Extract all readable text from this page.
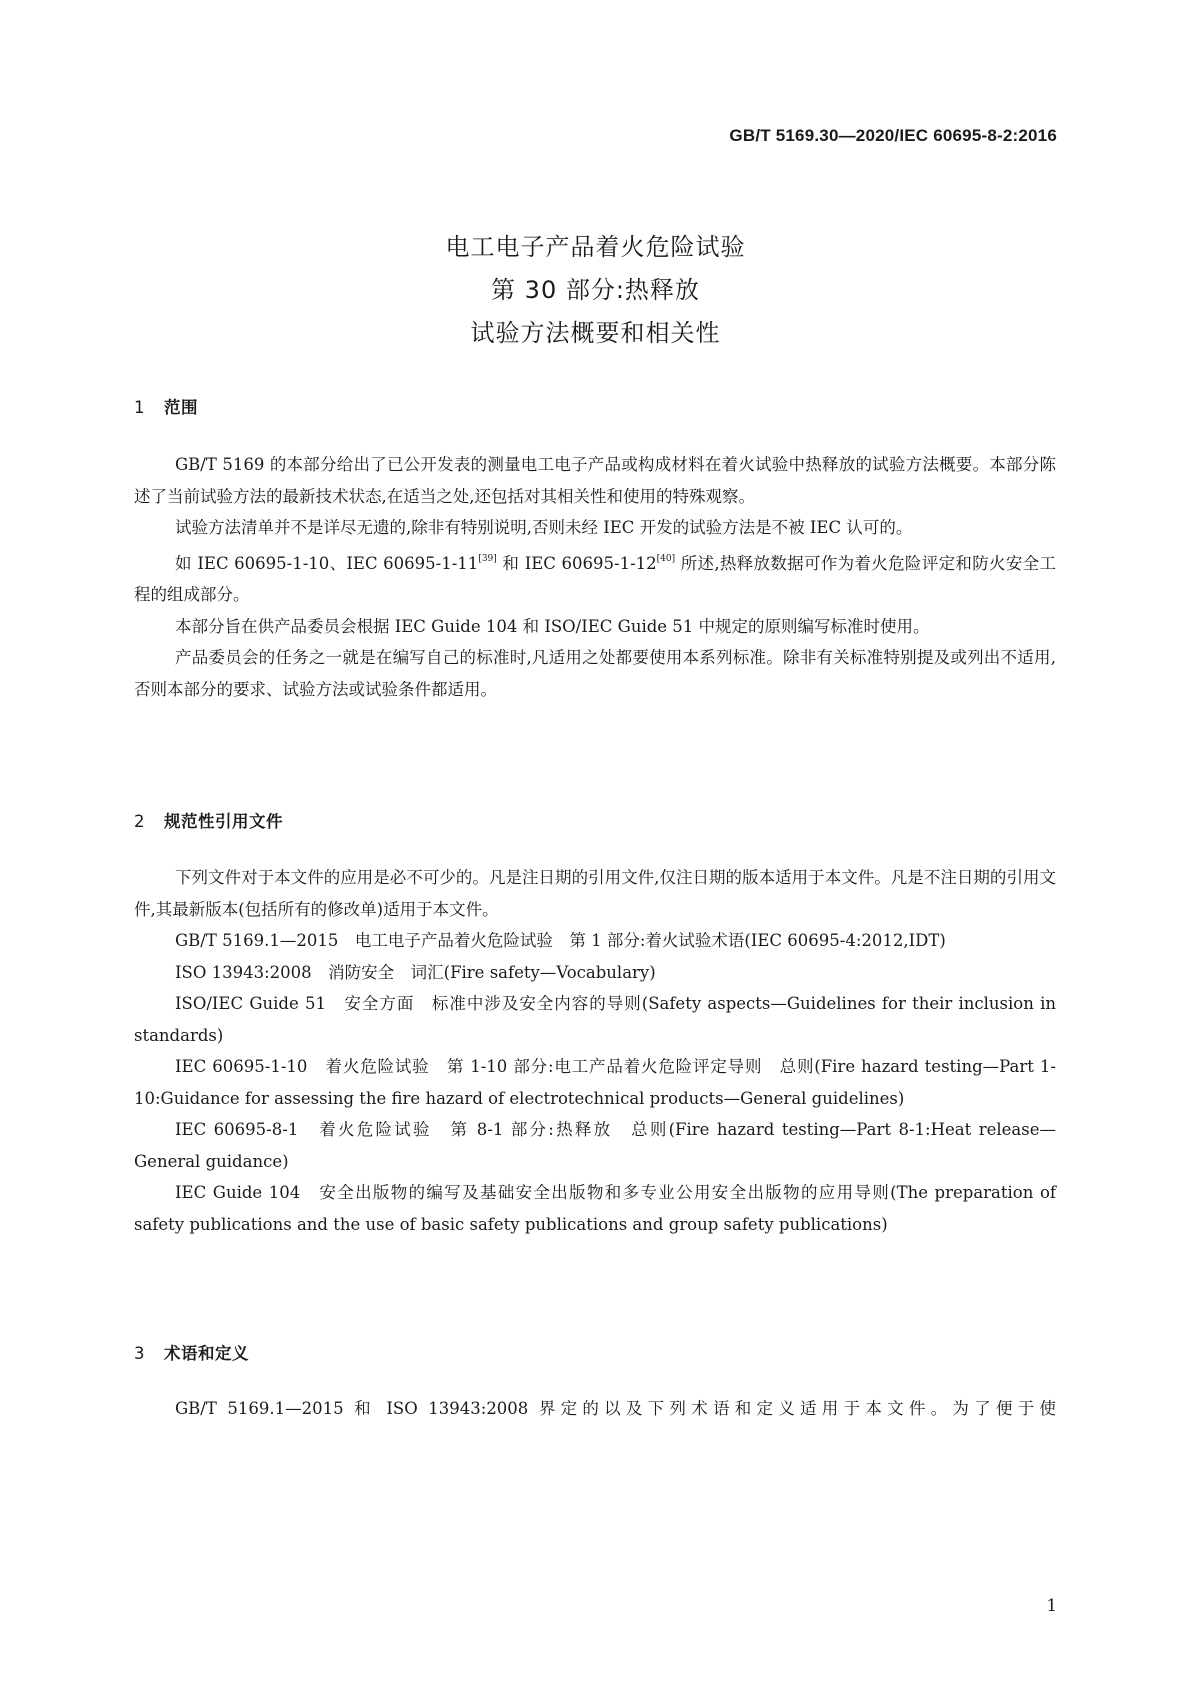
GB/T 5169.30—2020/IEC 60695-8-2:2016
电工电子产品着火危险试验
第 30 部分:热释放
试验方法概要和相关性
1 范围

GB/T 5169 的本部分给出了已公开发表的测量电工电子产品或构成材料在着火试验中热释放的试验方法概要。本部分陈述了当前试验方法的最新技术状态,在适当之处,还包括对其相关性和使用的特殊观察。

试验方法清单并不是详尽无遗的,除非有特别说明,否则未经 IEC 开发的试验方法是不被 IEC 认可的。

如 IEC 60695-1-10、IEC 60695-1-11[39] 和 IEC 60695-1-12[40] 所述,热释放数据可作为着火危险评定和防火安全工程的组成部分。

本部分旨在供产品委员会根据 IEC Guide 104 和 ISO/IEC Guide 51 中规定的原则编写标准时使用。

产品委员会的任务之一就是在编写自己的标准时,凡适用之处都要使用本系列标准。除非有关标准特别提及或列出不适用,否则本部分的要求、试验方法或试验条件都适用。

2 规范性引用文件

下列文件对于本文件的应用是必不可少的。凡是注日期的引用文件,仅注日期的版本适用于本文件。凡是不注日期的引用文件,其最新版本(包括所有的修改单)适用于本文件。

GB/T 5169.1—2015　电工电子产品着火危险试验　第 1 部分:着火试验术语(IEC 60695-4:2012,IDT)

ISO 13943:2008　消防安全　词汇(Fire safety—Vocabulary)

ISO/IEC Guide 51　安全方面　标准中涉及安全内容的导则(Safety aspects—Guidelines for their inclusion in standards)

IEC 60695-1-10　着火危险试验　第 1-10 部分:电工产品着火危险评定导则　总则(Fire hazard testing—Part 1-10:Guidance for assessing the fire hazard of electrotechnical products—General guidelines)

IEC 60695-8-1　着火危险试验　第 8-1 部分:热释放　总则(Fire hazard testing—Part 8-1:Heat release—General guidance)

IEC Guide 104　安全出版物的编写及基础安全出版物和多专业公用安全出版物的应用导则(The preparation of safety publications and the use of basic safety publications and group safety publications)

3 术语和定义

GB/T 5169.1—2015 和 ISO 13943:2008 界定的以及下列术语和定义适用于本文件。为了便于使

1
